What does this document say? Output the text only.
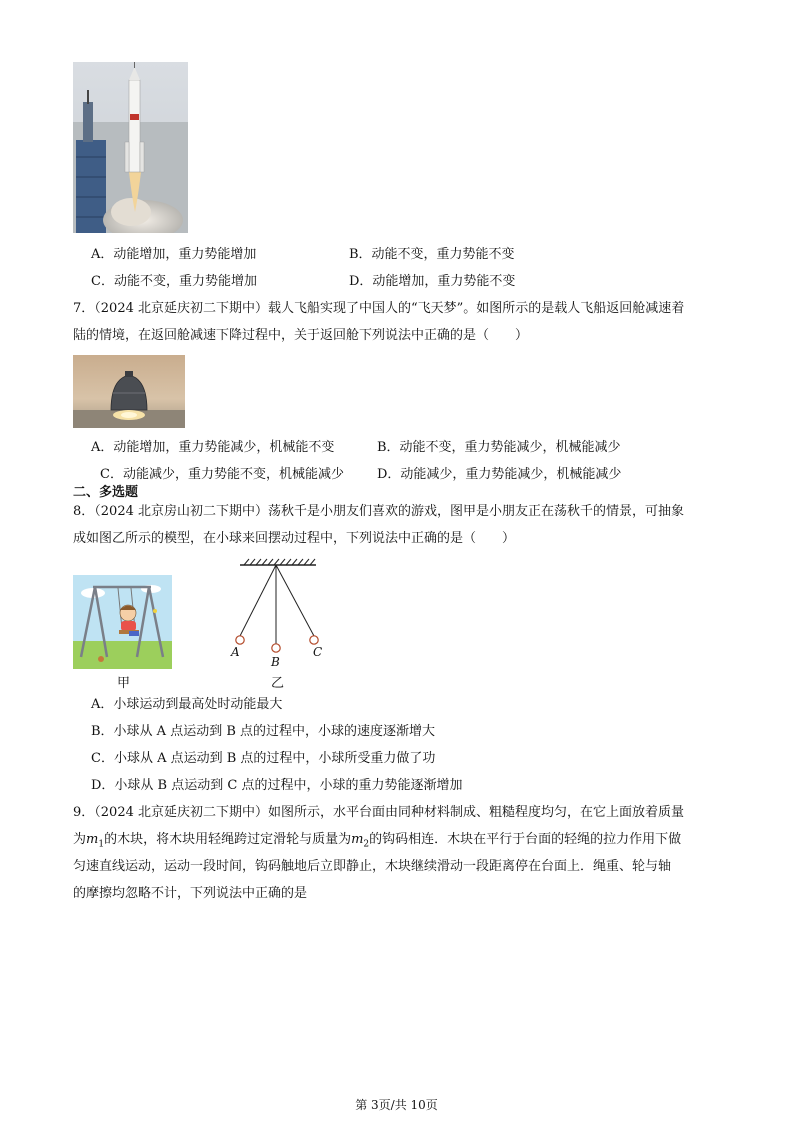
A．动能增加，重力势能增加	B．动能不变，重力势能不变
C．动能不变，重力势能增加	D．动能增加，重力势能不变
7．（2024 北京延庆初二下期中）载人飞船实现了中国人的“飞天梦”。如图所示的是载人飞船返回舱减速着
陆的情境，在返回舱减速下降过程中，关于返回舱下列说法中正确的是（　　）
A．动能增加，重力势能减少，机械能不变	B．动能不变，重力势能减少，机械能减少
C．动能减少，重力势能不变，机械能减少	D．动能减少，重力势能减少，机械能减少
二、多选题
8．（2024 北京房山初二下期中）荡秋千是小朋友们喜欢的游戏，图甲是小朋友正在荡秋千的情景，可抽象
成如图乙所示的模型，在小球来回摆动过程中，下列说法中正确的是（　　）
甲
A
B
C
乙
A．小球运动到最高处时动能最大
B．小球从 A 点运动到 B 点的过程中，小球的速度逐渐增大
C．小球从 A 点运动到 B 点的过程中，小球所受重力做了功
D．小球从 B 点运动到 C 点的过程中，小球的重力势能逐渐增加
9．（2024 北京延庆初二下期中）如图所示，水平台面由同种材料制成、粗糙程度均匀，在它上面放着质量
为$m_1$的木块，将木块用轻绳跨过定滑轮与质量为$m_2$的钩码相连．木块在平行于台面的轻绳的拉力作用下做
匀速直线运动，运动一段时间，钩码触地后立即静止，木块继续滑动一段距离停在台面上．绳重、轮与轴
的摩擦均忽略不计，下列说法中正确的是
第 3页/共 10页
